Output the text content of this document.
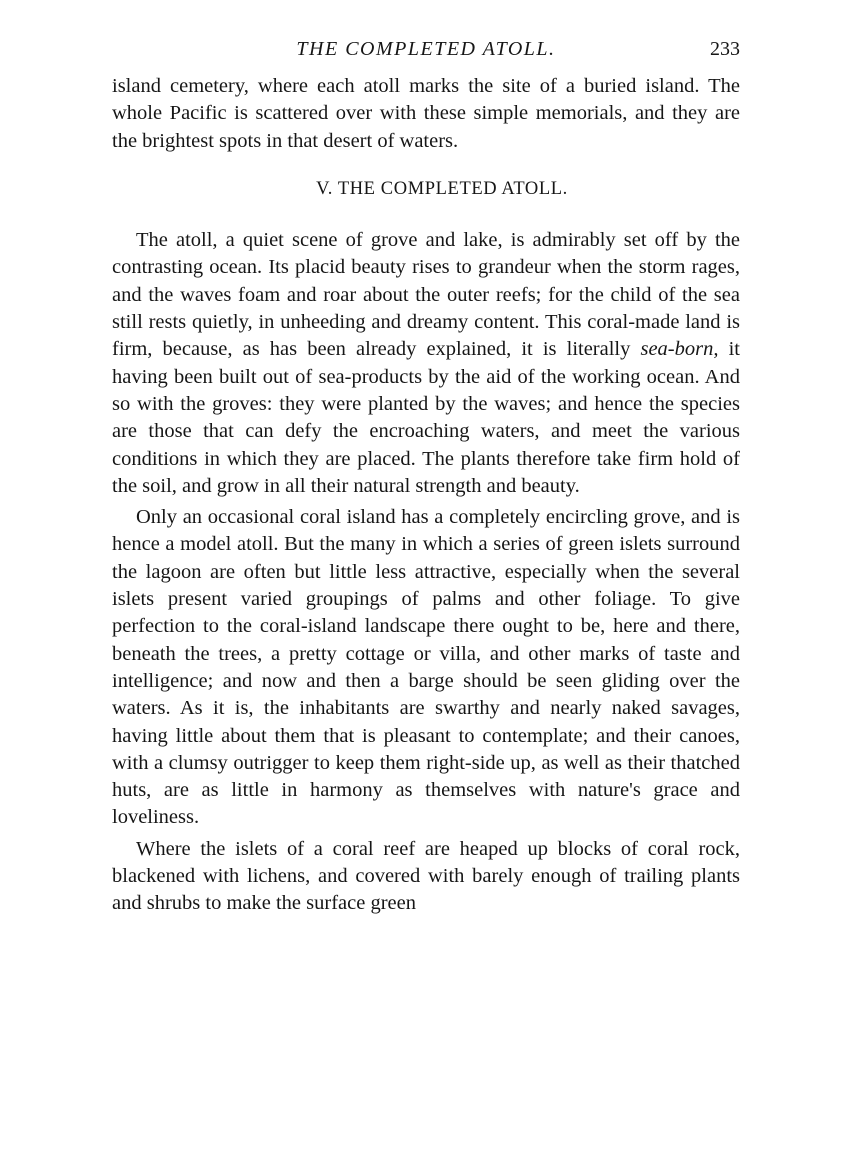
THE COMPLETED ATOLL.	233

island cemetery, where each atoll marks the site of a buried island. The whole Pacific is scattered over with these simple memorials, and they are the brightest spots in that desert of waters.

V. THE COMPLETED ATOLL.

The atoll, a quiet scene of grove and lake, is admirably set off by the contrasting ocean. Its placid beauty rises to grandeur when the storm rages, and the waves foam and roar about the outer reefs; for the child of the sea still rests quietly, in unheeding and dreamy content. This coral-made land is firm, because, as has been already explained, it is literally sea-born, it having been built out of sea-products by the aid of the working ocean. And so with the groves: they were planted by the waves; and hence the species are those that can defy the encroaching waters, and meet the various conditions in which they are placed. The plants therefore take firm hold of the soil, and grow in all their natural strength and beauty.

Only an occasional coral island has a completely encircling grove, and is hence a model atoll. But the many in which a series of green islets surround the lagoon are often but little less attractive, especially when the several islets present varied groupings of palms and other foliage. To give perfection to the coral-island landscape there ought to be, here and there, beneath the trees, a pretty cottage or villa, and other marks of taste and intelligence; and now and then a barge should be seen gliding over the waters. As it is, the inhabitants are swarthy and nearly naked savages, having little about them that is pleasant to contemplate; and their canoes, with a clumsy outrigger to keep them right-side up, as well as their thatched huts, are as little in harmony as themselves with nature's grace and loveliness.

Where the islets of a coral reef are heaped up blocks of coral rock, blackened with lichens, and covered with barely enough of trailing plants and shrubs to make the surface green
